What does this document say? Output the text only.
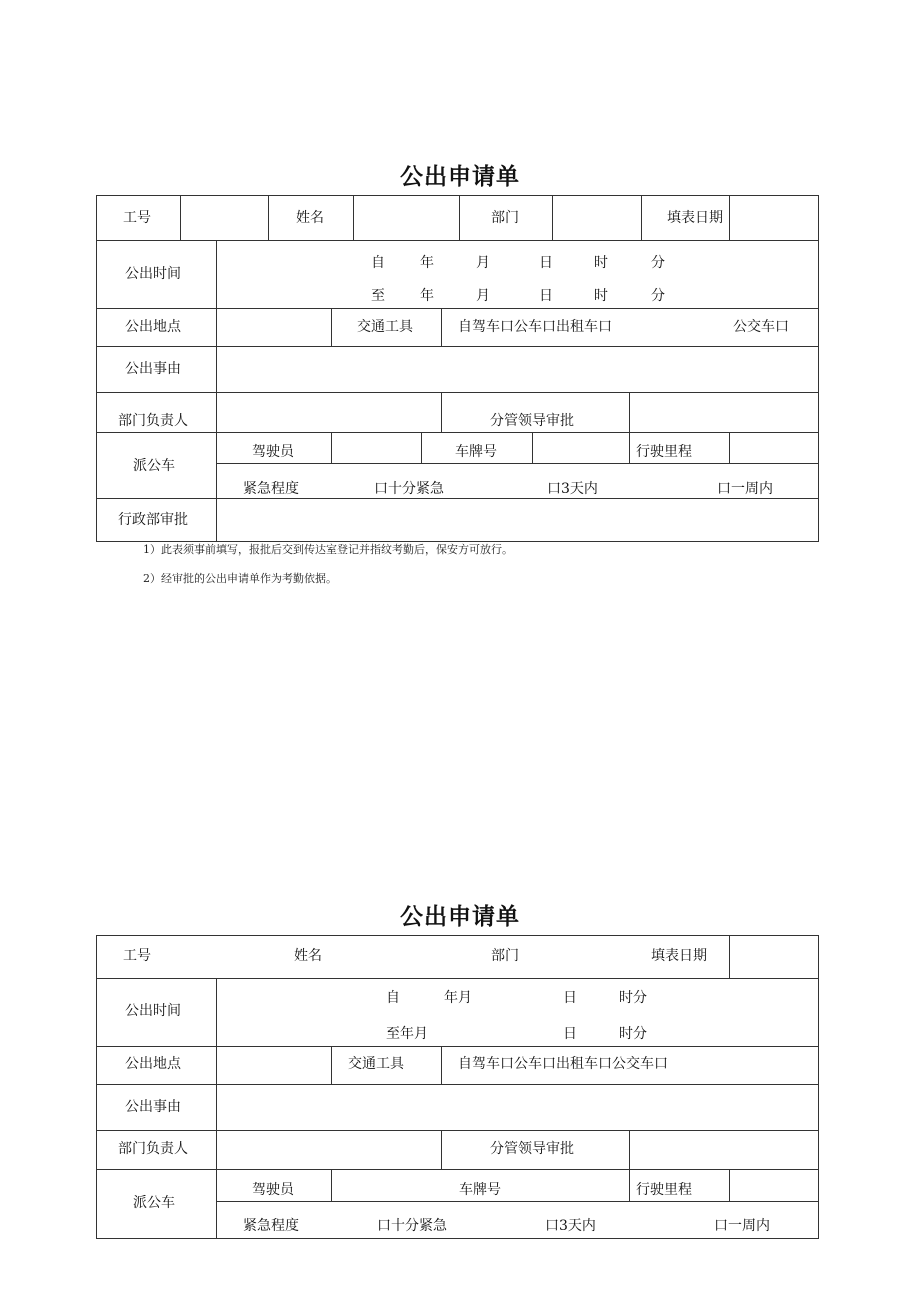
公出申请单
工号	姓名	部门	填表日期
公出时间
自	年	月	日	时	分
至	年	月	日	时	分
公出地点	交通工具	自驾车口公车口出租车口	公交车口
公出事由
部门负责人	分管领导审批
派公车
驾驶员	车牌号	行驶里程
紧急程度	口十分紧急	口3天内	口一周内
行政部审批
1）此表须事前填写，报批后交到传达室登记并指纹考勤后，保安方可放行。
2）经审批的公出申请单作为考勤依据。
公出申请单
工号	姓名	部门	填表日期
公出时间
自	年月	日	时分
至年月	日	时分
公出地点	交通工具	自驾车口公车口出租车口公交车口
公出事由
部门负责人	分管领导审批
派公车
驾驶员	车牌号	行驶里程
紧急程度	口十分紧急	口3天内	口一周内
